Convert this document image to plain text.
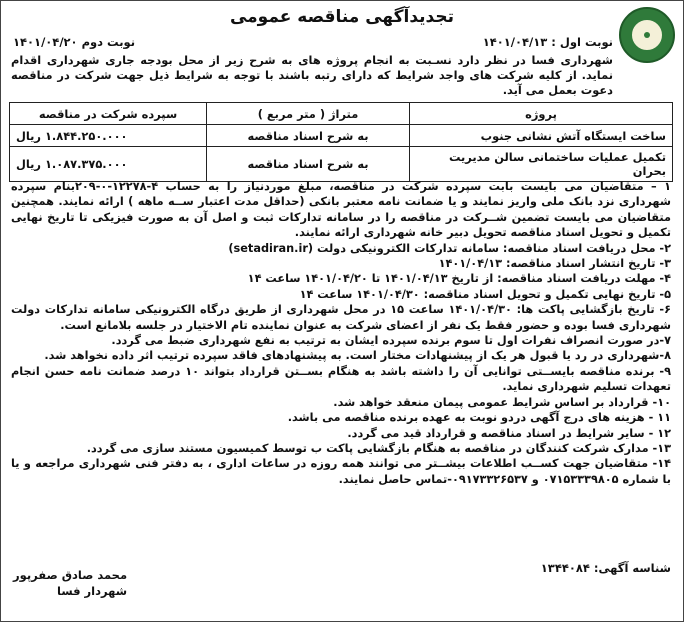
تجدیدآگهی مناقصه عمومی
نوبت اول : ۱۴۰۱/۰۴/۱۳
نوبت دوم ۱۴۰۱/۰۴/۲۰
شهرداری فسا در نظر دارد نسـبت به انجام پروژه های به شرح زیر از محل بودجه جاری شهرداری اقدام نماید. از کلیه شرکت های واجد شرایط که دارای رتبه باشند با توجه به شرایط ذیل جهت شرکت در مناقصه دعوت بعمل می آید.
پروژه	متراژ ( متر مربع )	سپرده شرکت در مناقصه
ساخت ایستگاه آتش نشانی جنوب	به شرح اسناد مناقصه	۱.۸۴۴.۲۵۰.۰۰۰ ریال
تکمیل عملیات ساختمانی سالن مدیریت بحران	به شرح اسناد مناقصه	۱.۰۸۷.۳۷۵.۰۰۰ ریال

۱ – متقاضیان می بایست بابت سپرده شرکت در مناقصه، مبلغ موردنیاز را به حساب ۴-۱۲۲۷۸-۰-۲۰۹بنام سپرده شهرداری نزد بانک ملی واریز نمایند و یا ضمانت نامه معتبر بانکی (حداقل مدت اعتبار ســه ماهه ) ارائه نمایند. همچنین متقاضیان می بایست تضمین شــرکت در مناقصه را در سامانه تدارکات ثبت و اصل آن به صورت فیزیکی تا تاریخ نهایی تکمیل و تحویل اسناد مناقصه تحویل دبیر خانه شهرداری ارائه نمایند.

۲- محل دریافت اسناد مناقصه: سامانه تدارکات الکترونیکی دولت (setadiran.ir)

۳- تاریخ انتشار اسناد مناقصه: ۱۴۰۱/۰۴/۱۳

۴- مهلت دریافت اسناد مناقصه: از تاریخ ۱۴۰۱/۰۴/۱۳ تا ۱۴۰۱/۰۴/۲۰ ساعت ۱۴

۵- تاریخ نهایی تکمیل و تحویل اسناد مناقصه: ۱۴۰۱/۰۴/۳۰ ساعت ۱۴

۶- تاریخ بازگشایی پاکت ها: ۱۴۰۱/۰۴/۳۰ ساعت ۱۵ در محل شهرداری از طریق درگاه الکترونیکی سامانه تدارکات دولت شهرداری فسا بوده و حضور فقط یک نفر از اعضای شرکت به عنوان نماینده تام الاختیار در جلسه بلامانع است.

۷-در صورت انصراف نفرات اول تا سوم برنده سپرده ایشان به ترتیب به نفع شهرداری ضبط می گردد.

۸-شهرداری در رد یا قبول هر یک از پیشنهادات مختار است. به پیشنهادهای فاقد سپرده ترتیب اثر داده نخواهد شد.

۹- برنده مناقصه بایســتی توانایی آن را داشته باشد به هنگام بســتن قرارداد بتواند ۱۰ درصد ضمانت نامه حسن انجام تعهدات تسلیم شهرداری نماید.

۱۰- قرارداد بر اساس شرایط عمومی پیمان منعقد خواهد شد.

۱۱ - هزینه های درج آگهی دردو نوبت به عهده برنده مناقصه می باشد.

۱۲ - سایر شرایط در اسناد مناقصه و قرارداد قید می گردد.

۱۳- مدارک شرکت کنندگان در مناقصه به هنگام بازگشایی پاکت ب توسط کمیسیون مستند سازی می گردد.

۱۴- متقاضیان جهت کســب اطلاعات بیشــتر می توانند همه روزه در ساعات اداری ، به دفتر فنی شهرداری مراجعه و یا با شماره ۰۷۱۵۳۳۳۹۸۰۵ و ۰۹۱۷۳۳۲۶۵۳۷-تماس حاصل نمایند.

شناسه آگهی: ۱۳۴۴۰۸۴
محمد صادق صفرپور
شهردار فسا
